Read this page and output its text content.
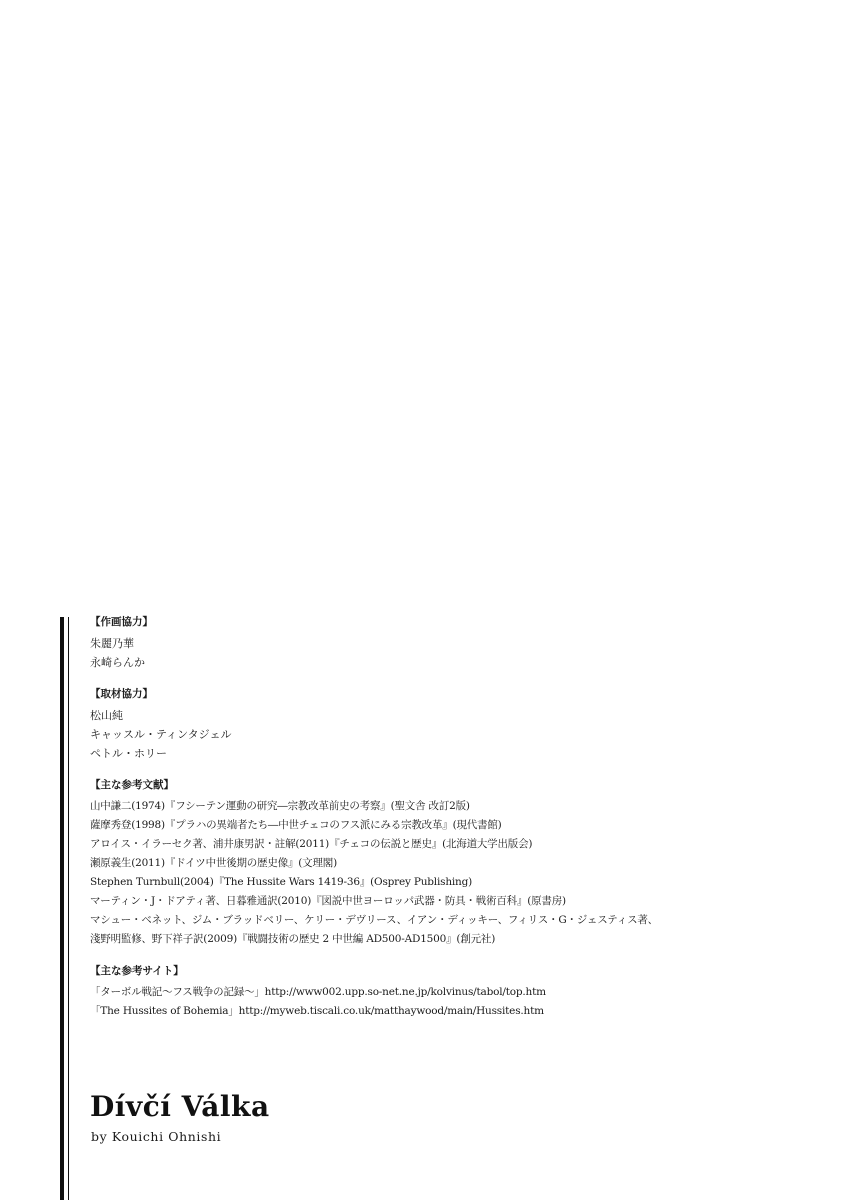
【作画協力】
朱麗乃華
永崎らんか
【取材協力】
松山純
キャッスル・ティンタジェル
ペトル・ホリー
【主な参考文献】
山中謙二(1974)『フシーテン運動の研究―宗教改革前史の考察』(聖文舎 改訂2版)
薩摩秀登(1998)『プラハの異端者たち―中世チェコのフス派にみる宗教改革』(現代書館)
アロイス・イラーセク著、浦井康男訳・註解(2011)『チェコの伝説と歴史』(北海道大学出版会)
瀬原義生(2011)『ドイツ中世後期の歴史像』(文理閣)
Stephen Turnbull(2004)『The Hussite Wars 1419-36』(Osprey Publishing)
マーティン・J・ドアティ著、日暮雅通訳(2010)『図説中世ヨーロッパ武器・防具・戦術百科』(原書房)
マシュー・ベネット、ジム・ブラッドベリー、ケリー・デヴリース、イアン・ディッキー、フィリス・G・ジェスティス著、
淺野明監修、野下祥子訳(2009)『戦闘技術の歴史 2 中世編 AD500-AD1500』(創元社)
【主な参考サイト】
「ターボル戦記〜フス戦争の記録〜」http://www002.upp.so-net.ne.jp/kolvinus/tabol/top.htm
「The Hussites of Bohemia」http://myweb.tiscali.co.uk/matthaywood/main/Hussites.htm
Dívčí Válka
by Kouichi Ohnishi
